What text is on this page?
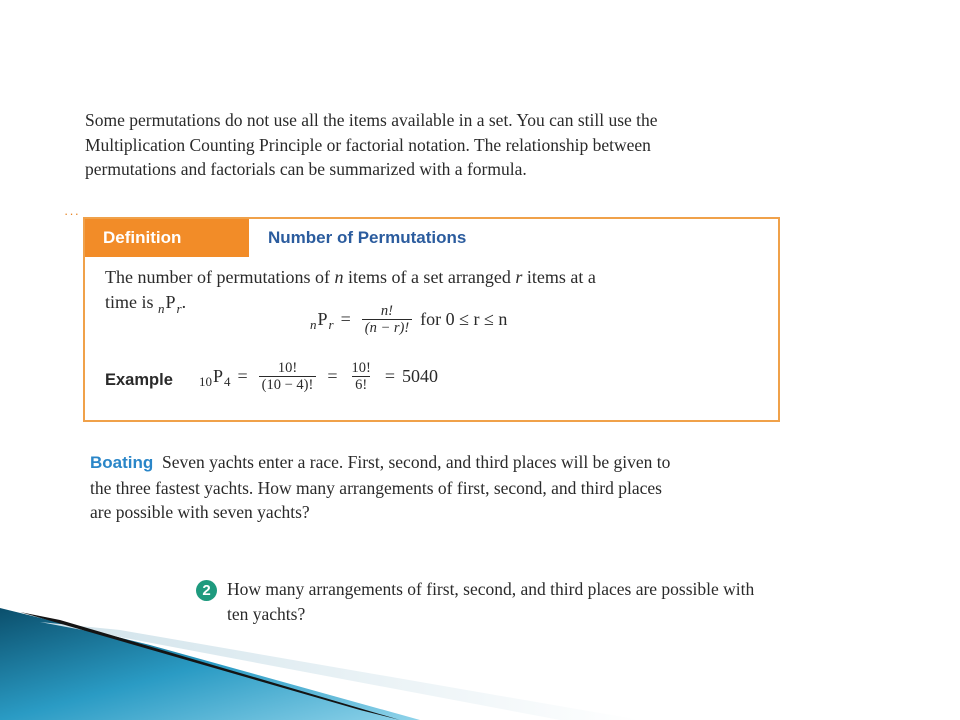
Some permutations do not use all the items available in a set. You can still use the
Multiplication Counting Principle or factorial notation. The relationship between
permutations and factorials can be summarized with a formula.

···
Definition	Number of Permutations
The number of permutations of n items of a set arranged r items at a
time is $_nP_r$.
n P $r = \frac{n!}{(n - r)!}$ for 0 ≤ r ≤ n
Example 10 P $4 = \frac{10!}{(10 - 4)!} = \frac{10!}{6!} = 5040$

Boating Seven yachts enter a race. First, second, and third places will be given to
the three fastest yachts. How many arrangements of first, second, and third places
are possible with seven yachts?

2 How many arrangements of first, second, and third places are possible with
ten yachts?
